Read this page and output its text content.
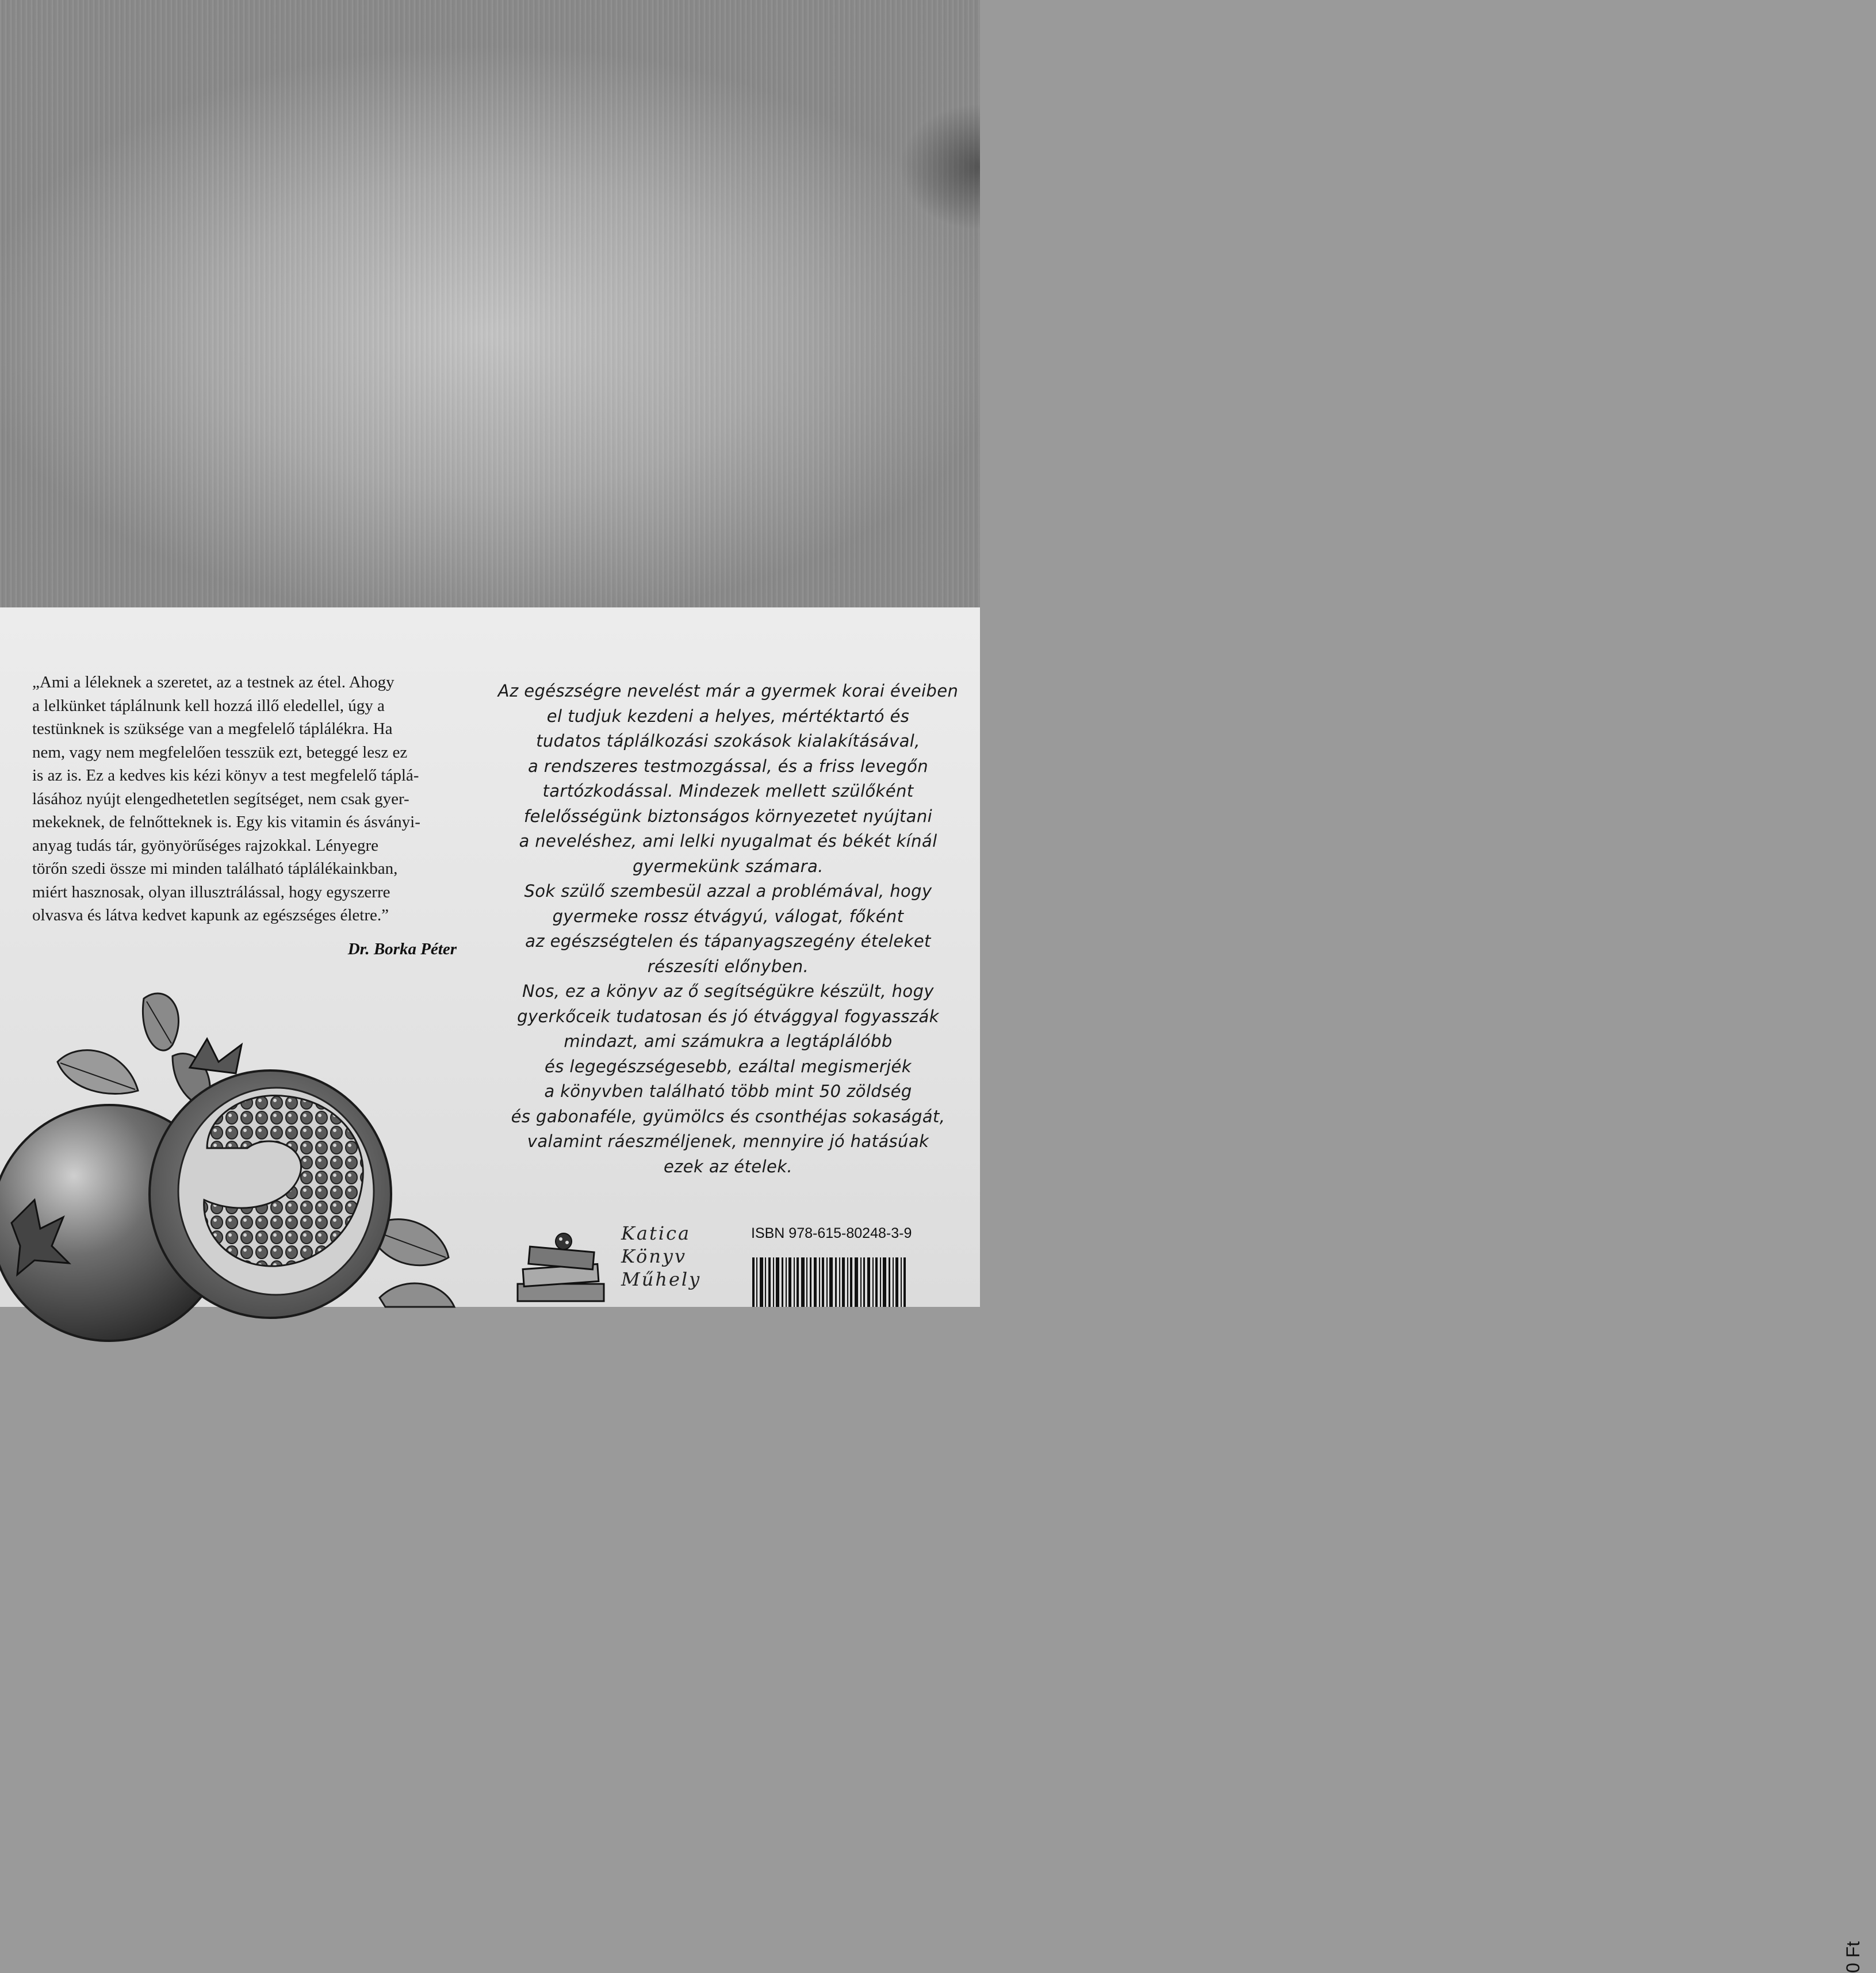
„Ami a léleknek a szeretet, az a testnek az étel. Ahogy
a lelkünket táplálnunk kell hozzá illő eledellel, úgy a
testünknek is szüksége van a megfelelő táplálékra. Ha
nem, vagy nem megfelelően tesszük ezt, beteggé lesz ez
is az is. Ez a kedves kis kézi könyv a test megfelelő táplá-
lásához nyújt elengedhetetlen segítséget, nem csak gyer-
mekeknek, de felnőtteknek is. Egy kis vitamin és ásványi-
anyag tudás tár, gyönyörűséges rajzokkal. Lényegre
törőn szedi össze mi minden található táplálékainkban,
miért hasznosak, olyan illusztrálással, hogy egyszerre
olvasva és látva kedvet kapunk az egészséges életre.”

Dr. Borka Péter

Az egészségre nevelést már a gyermek korai éveiben

el tudjuk kezdeni a helyes, mértéktartó és

tudatos táplálkozási szokások kialakításával,

a rendszeres testmozgással, és a friss levegőn

tartózkodással. Mindezek mellett szülőként

felelősségünk biztonságos környezetet nyújtani

a neveléshez, ami lelki nyugalmat és békét kínál

gyermekünk számara.

Sok szülő szembesül azzal a problémával, hogy

gyermeke rossz étvágyú, válogat, főként

az egészségtelen és tápanyagszegény ételeket

részesíti előnyben.

Nos, ez a könyv az ő segítségükre készült, hogy

gyerkőceik tudatosan és jó étvággyal fogyasszák

mindazt, ami számukra a legtáplálóbb

és legegészségesebb, ezáltal megismerjék

a könyvben található több mint 50 zöldség

és gabonaféle, gyümölcs és csonthéjas sokaságát,

valamint ráeszméljenek, mennyire jó hatásúak

ezek az ételek.

Katica
Könyv
Műhely
ISBN 978-615-80248-3-9
0 Ft
